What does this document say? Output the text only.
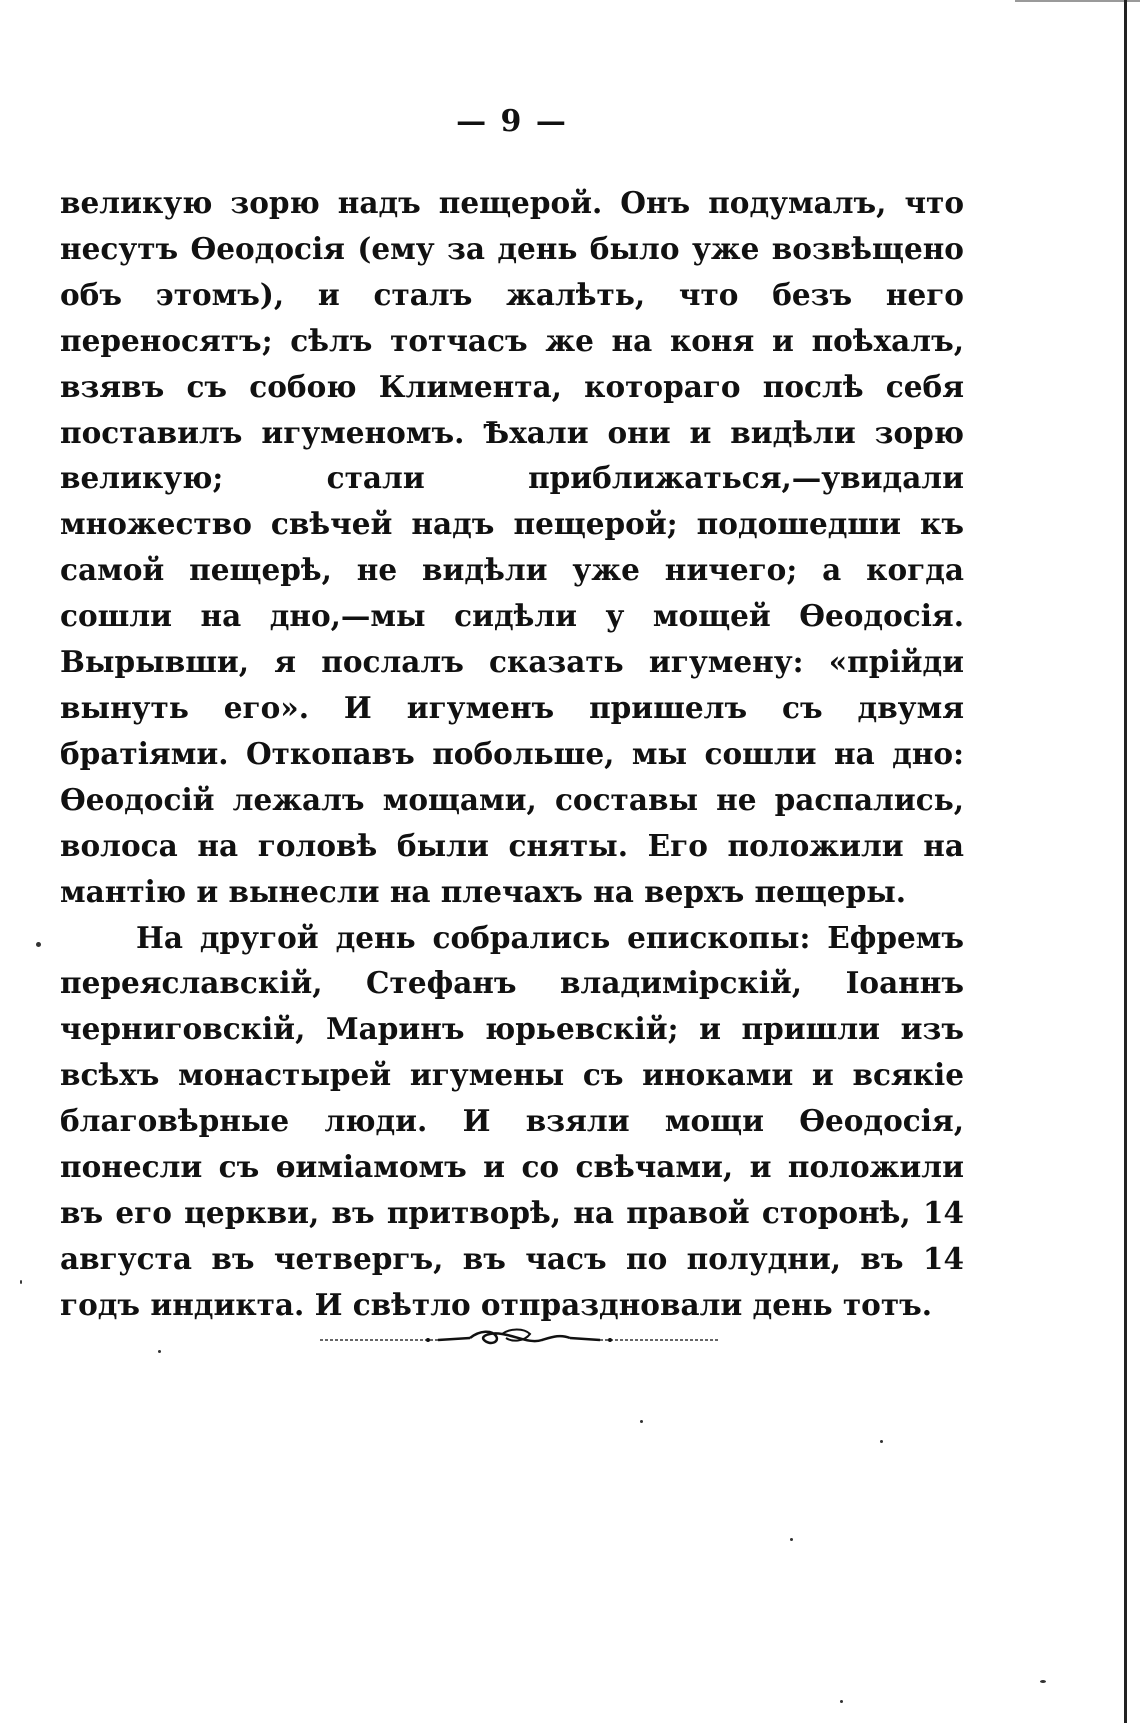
— 9 —

великую зорю надъ пещерой. Онъ подумалъ, что несутъ Өеодосія (ему за день было уже возвѣщено объ этомъ), и сталъ жалѣть, что безъ него переносятъ; сѣлъ тотчасъ же на коня и поѣхалъ, взявъ съ собою Климента, котораго послѣ себя поставилъ игуменомъ. Ѣхали они и видѣли зорю великую; стали приближаться,—увидали множество свѣчей надъ пещерой; подошедши къ самой пещерѣ, не видѣли уже ничего; а когда сошли на дно,—мы сидѣли у мощей Өеодосія. Вырывши, я послалъ сказать игумену: «прійди вынуть его». И игуменъ пришелъ съ двумя братіями. Откопавъ побольше, мы сошли на дно: Өеодосій лежалъ мощами, составы не распались, волоса на головѣ были сняты. Его положили на мантію и вынесли на плечахъ на верхъ пещеры.

На другой день собрались епископы: Ефремъ переяславскій, Стефанъ владимірскій, Іоаннъ черниговскій, Маринъ юрьевскій; и пришли изъ всѣхъ монастырей игумены съ иноками и всякіе благовѣрные люди. И взяли мощи Өеодосія, понесли съ өиміамомъ и со свѣчами, и положили въ его церкви, въ притворѣ, на правой сторонѣ, 14 августа въ четвергъ, въ часъ по полудни, въ 14 годъ индикта. И свѣтло отпраздновали день тотъ.
